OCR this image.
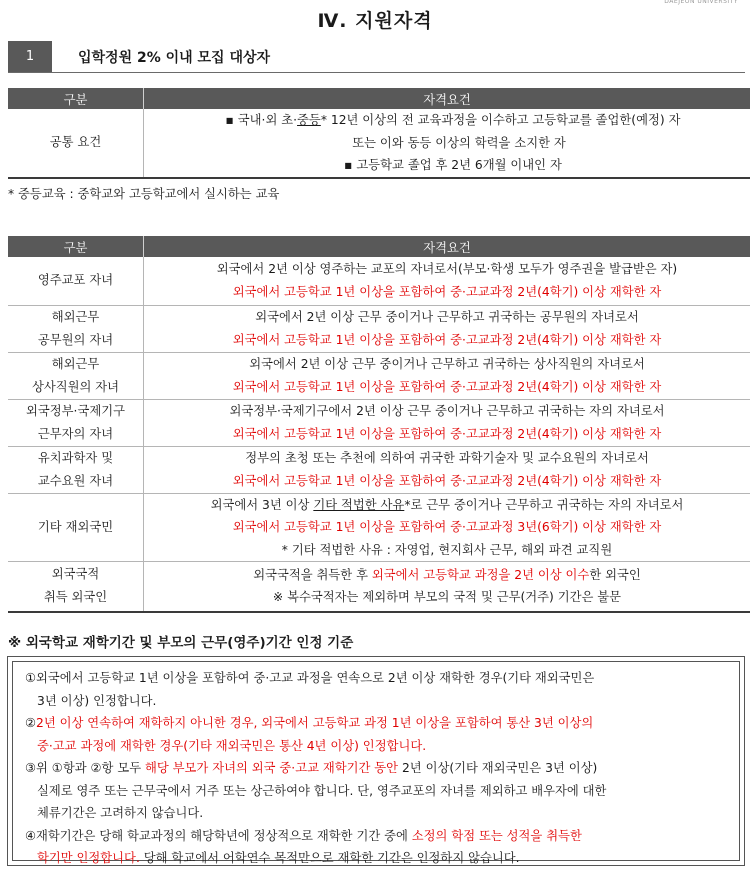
DAEJEON UNIVERSITY
Ⅳ. 지원자격
1	입학정원 2% 이내 모집 대상자
구분	자격요건
공통 요건	▪ 국내·외 초·중등* 12년 이상의 전 교육과정을 이수하고 고등학교를 졸업한(예정) 자
또는 이와 동등 이상의 학력을 소지한 자
▪ 고등학교 졸업 후 2년 6개월 이내인 자
* 중등교육 : 중학교와 고등학교에서 실시하는 교육
구분	자격요건

영주교포 자녀	외국에서 2년 이상 영주하는 교포의 자녀로서(부모·학생 모두가 영주권을 발급받은 자)
외국에서 고등학교 1년 이상을 포함하여 중·고교과정 2년(4학기) 이상 재학한 자

해외근무
공무원의 자녀	외국에서 2년 이상 근무 중이거나 근무하고 귀국하는 공무원의 자녀로서
외국에서 고등학교 1년 이상을 포함하여 중·고교과정 2년(4학기) 이상 재학한 자

해외근무
상사직원의 자녀	외국에서 2년 이상 근무 중이거나 근무하고 귀국하는 상사직원의 자녀로서
외국에서 고등학교 1년 이상을 포함하여 중·고교과정 2년(4학기) 이상 재학한 자

외국정부·국제기구
근무자의 자녀	외국정부·국제기구에서 2년 이상 근무 중이거나 근무하고 귀국하는 자의 자녀로서
외국에서 고등학교 1년 이상을 포함하여 중·고교과정 2년(4학기) 이상 재학한 자

유치과학자 및
교수요원 자녀	정부의 초청 또는 추천에 의하여 귀국한 과학기술자 및 교수요원의 자녀로서
외국에서 고등학교 1년 이상을 포함하여 중·고교과정 2년(4학기) 이상 재학한 자

기타 재외국민	외국에서 3년 이상 기타 적법한 사유*로 근무 중이거나 근무하고 귀국하는 자의 자녀로서
외국에서 고등학교 1년 이상을 포함하여 중·고교과정 3년(6학기) 이상 재학한 자
* 기타 적법한 사유 : 자영업, 현지회사 근무, 해외 파견 교직원

외국국적
취득 외국인	외국국적을 취득한 후 외국에서 고등학교 과정을 2년 이상 이수한 외국인
※ 복수국적자는 제외하며 부모의 국적 및 근무(거주) 기간은 불문
※ 외국학교 재학기간 및 부모의 근무(영주)기간 인정 기준
①외국에서 고등학교 1년 이상을 포함하여 중·고교 과정을 연속으로 2년 이상 재학한 경우(기타 재외국민은
3년 이상) 인정합니다.
②2년 이상 연속하여 재학하지 아니한 경우, 외국에서 고등학교 과정 1년 이상을 포함하여 통산 3년 이상의
중·고교 과정에 재학한 경우(기타 재외국민은 통산 4년 이상) 인정합니다.
③위 ①항과 ②항 모두 해당 부모가 자녀의 외국 중·고교 재학기간 동안 2년 이상(기타 재외국민은 3년 이상)
실제로 영주 또는 근무국에서 거주 또는 상근하여야 합니다. 단, 영주교포의 자녀를 제외하고 배우자에 대한
체류기간은 고려하지 않습니다.
④재학기간은 당해 학교과정의 해당학년에 정상적으로 재학한 기간 중에 소정의 학점 또는 성적을 취득한
학기만 인정합니다. 당해 학교에서 어학연수 목적만으로 재학한 기간은 인정하지 않습니다.
